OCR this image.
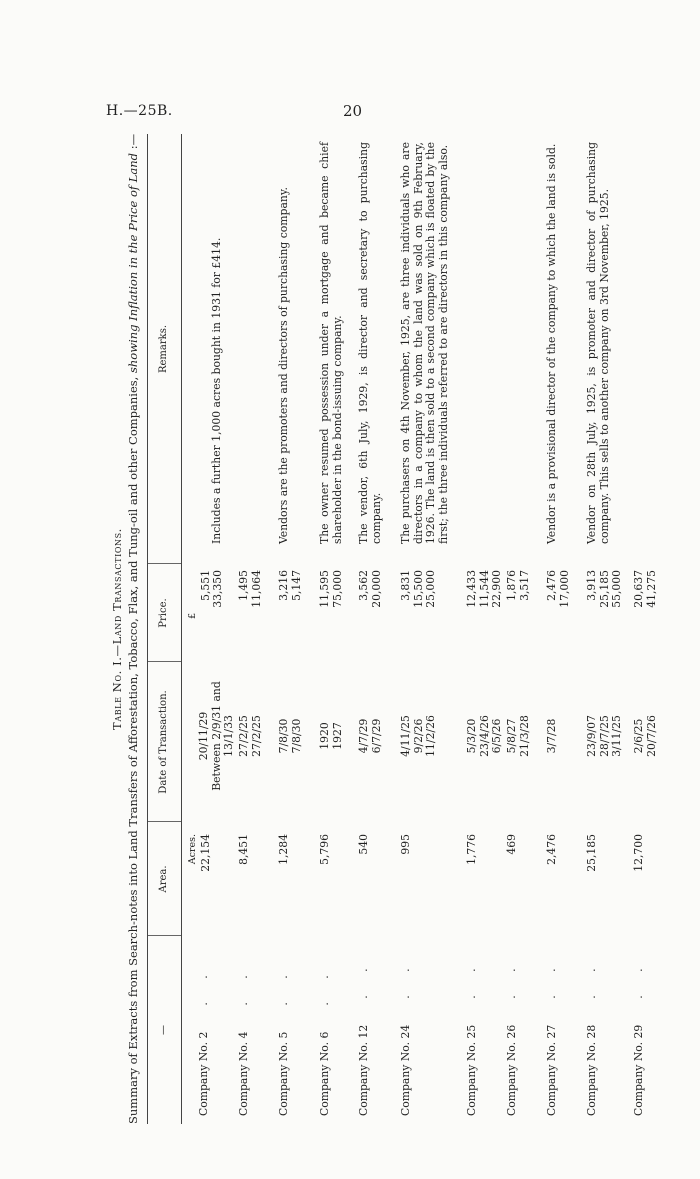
H.—25B.	20
Table No. I.—Land Transactions. Summary of Extracts from Search-notes into Land Transfers of Afforestation, Tobacco, Flax, and Tung-oil and other Companies, showing Inflation in the Price of Land :—
—
Area.
Date of Transaction.
Price.
Remarks.
Company No. 2. .
Acres. 22,154
20/11/29 Between 2/9/31 and 13/1/33
£
5,551 33,350
Includes a further 1,000 acres bought in 1931 for £414.
Company No. 4. .
8,451
27/2/25 27/2/25
1,495 11,064
Company No. 5. .
1,284
7/8/30 7/8/30
3,216 5,147
Vendors are the promoters and directors of purchasing company.
Company No. 6. .
5,796
1920 1927
11,595 75,000
The owner resumed possession under a mortgage and became chief shareholder in the bond-issuing company.
Company No. 12. .
540
4/7/29 6/7/29
3,562 20,000
The vendor, 6th July, 1929, is director and secretary to purchasing company.
Company No. 24. .
995
4/11/25 9/2/26 11/2/26
3,831 15,500 25,000
The purchasers on 4th November, 1925, are three individuals who are directors in a company to whom the land was sold on 9th February, 1926. The land is then sold to a second company which is floated by the first; the three individuals referred to are directors in this company also.
Company No. 25. .
1,776
5/3/20 23/4/26 6/5/26
12,433 11,544 22,900
Company No. 26. .
469
5/8/27 21/3/28
1,876 3,517
Company No. 27. .
2,476
3/7/28
2,476 17,000
Vendor is a provisional director of the company to which the land is sold.
Company No. 28. .
25,185
23/9/07 28/7/25 3/11/25
3,913 25,185 55,000
Vendor on 28th July, 1925, is promoter and director of purchasing company. This sells to another company on 3rd November, 1925.
Company No. 29. .
12,700
2/6/25 20/7/26
20,637 41,275
